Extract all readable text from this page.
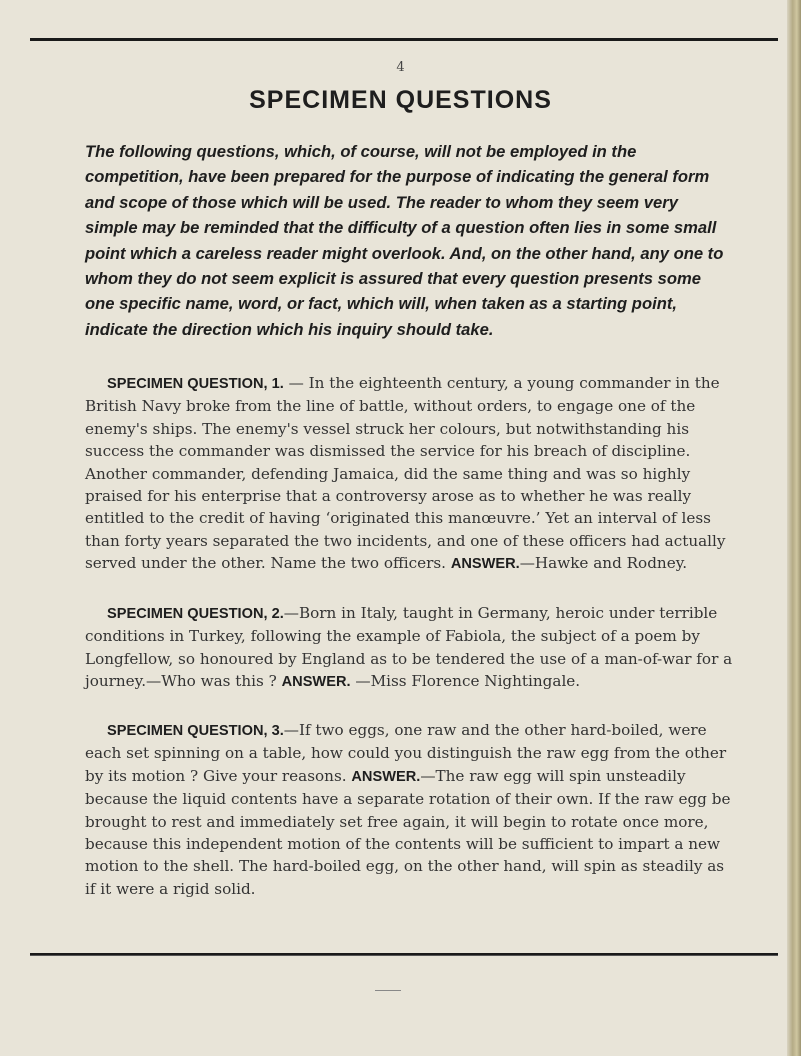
4
SPECIMEN QUESTIONS

The following questions, which, of course, will not be employed in the competition, have been prepared for the purpose of indicating the general form and scope of those which will be used. The reader to whom they seem very simple may be reminded that the difficulty of a question often lies in some small point which a careless reader might overlook. And, on the other hand, any one to whom they do not seem explicit is assured that every question presents some one specific name, word, or fact, which will, when taken as a starting point, indicate the direction which his inquiry should take.

SPECIMEN QUESTION, 1. — In the eighteenth century, a young commander in the British Navy broke from the line of battle, without orders, to engage one of the enemy's ships. The enemy's vessel struck her colours, but notwithstanding his success the commander was dismissed the service for his breach of discipline. Another commander, defending Jamaica, did the same thing and was so highly praised for his enterprise that a controversy arose as to whether he was really entitled to the credit of having ‘originated this manœuvre.’ Yet an interval of less than forty years separated the two incidents, and one of these officers had actually served under the other. Name the two officers. ANSWER.—Hawke and Rodney.

SPECIMEN QUESTION, 2.—Born in Italy, taught in Germany, heroic under terrible conditions in Turkey, following the example of Fabiola, the subject of a poem by Longfellow, so honoured by England as to be tendered the use of a man-of-war for a journey.—Who was this ? ANSWER. —Miss Florence Nightingale.

SPECIMEN QUESTION, 3.—If two eggs, one raw and the other hard-boiled, were each set spinning on a table, how could you distinguish the raw egg from the other by its motion ? Give your reasons. ANSWER.—The raw egg will spin unsteadily because the liquid contents have a separate rotation of their own. If the raw egg be brought to rest and immediately set free again, it will begin to rotate once more, because this independent motion of the contents will be sufficient to impart a new motion to the shell. The hard-boiled egg, on the other hand, will spin as steadily as if it were a rigid solid.
